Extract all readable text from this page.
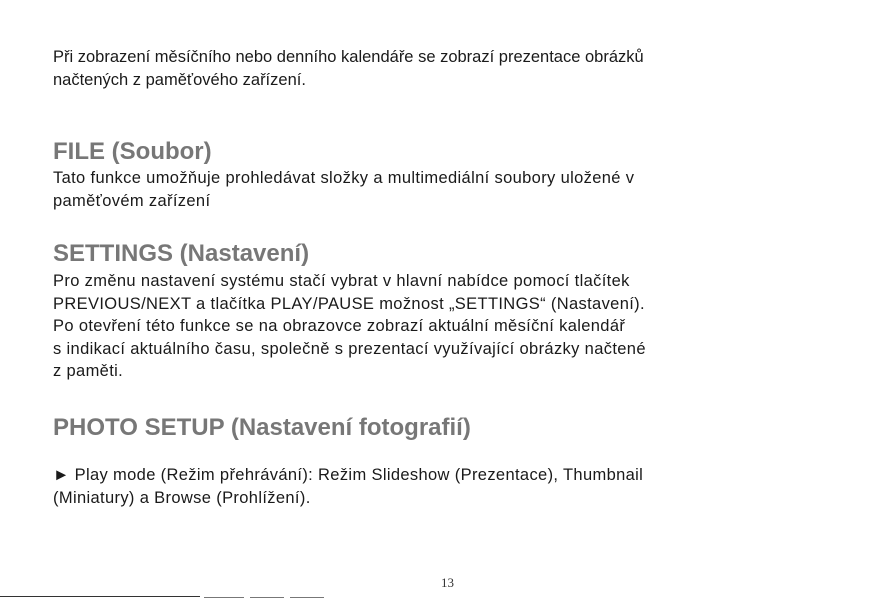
Při zobrazení měsíčního nebo denního kalendáře se zobrazí prezentace obrázků
načtených z paměťového zařízení.

FILE (Soubor)

Tato funkce umožňuje prohledávat složky a multimediální soubory uložené v
paměťovém zařízení

SETTINGS (Nastavení)

Pro změnu nastavení systému stačí vybrat v hlavní nabídce pomocí tlačítek
PREVIOUS/NEXT a tlačítka PLAY/PAUSE možnost „SETTINGS“ (Nastavení).
Po otevření této funkce se na obrazovce zobrazí aktuální měsíční kalendář
s indikací aktuálního času, společně s prezentací využívající obrázky načtené
z paměti.

PHOTO SETUP (Nastavení fotografií)

► Play mode (Režim přehrávání): Režim Slideshow (Prezentace), Thumbnail
(Miniatury) a Browse (Prohlížení).

13
